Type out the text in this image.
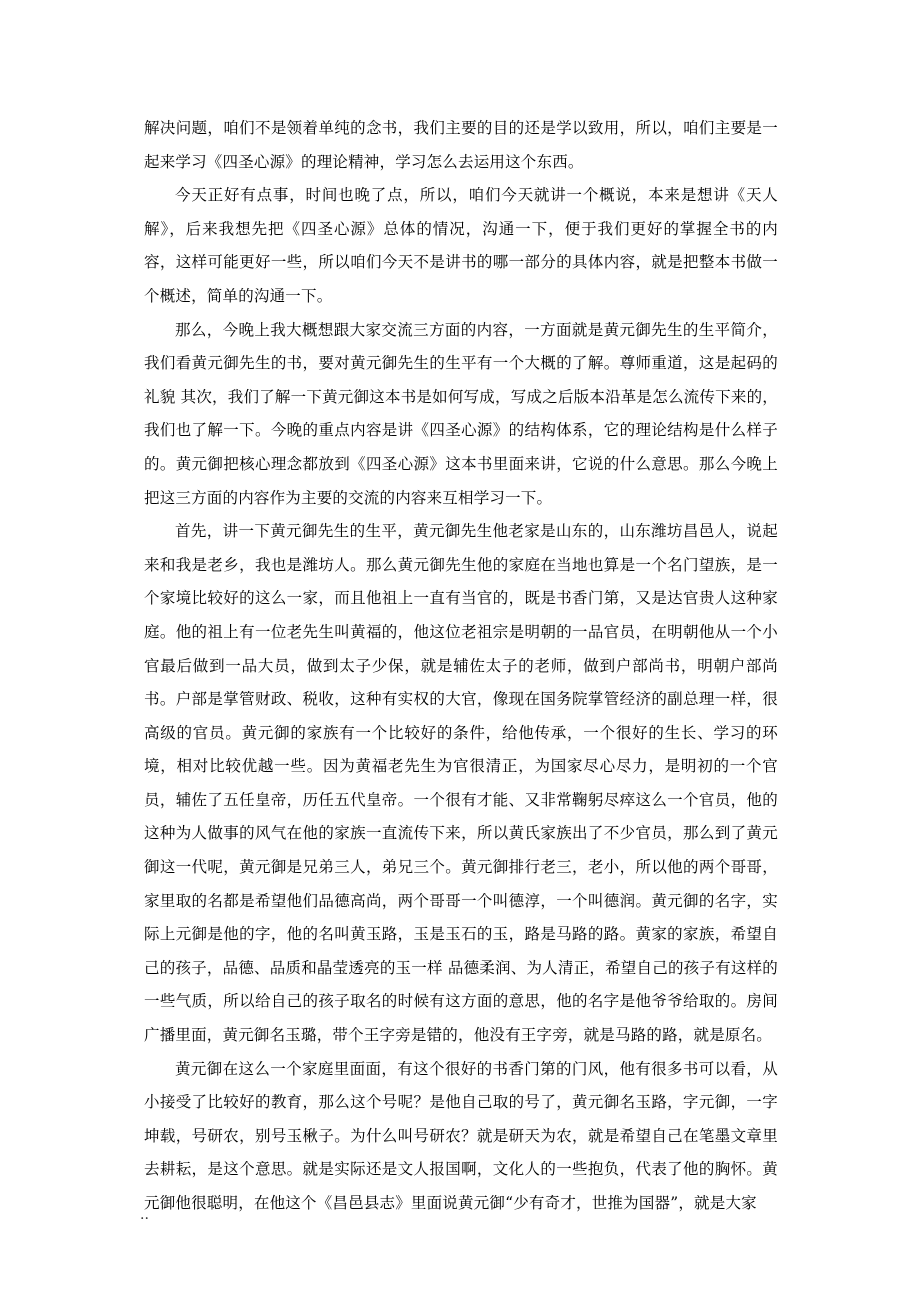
解决问题，咱们不是领着单纯的念书，我们主要的目的还是学以致用，所以，咱们主要是一起来学习《四圣心源》的理论精神，学习怎么去运用这个东西。

今天正好有点事，时间也晚了点，所以，咱们今天就讲一个概说，本来是想讲《天人解》，后来我想先把《四圣心源》总体的情况，沟通一下，便于我们更好的掌握全书的内容，这样可能更好一些，所以咱们今天不是讲书的哪一部分的具体内容，就是把整本书做一个概述，简单的沟通一下。

那么，今晚上我大概想跟大家交流三方面的内容，一方面就是黄元御先生的生平简介，我们看黄元御先生的书，要对黄元御先生的生平有一个大概的了解。尊师重道，这是起码的礼貌 其次，我们了解一下黄元御这本书是如何写成，写成之后版本沿革是怎么流传下来的，我们也了解一下。今晚的重点内容是讲《四圣心源》的结构体系，它的理论结构是什么样子的。黄元御把核心理念都放到《四圣心源》这本书里面来讲，它说的什么意思。那么今晚上把这三方面的内容作为主要的交流的内容来互相学习一下。

首先，讲一下黄元御先生的生平，黄元御先生他老家是山东的，山东潍坊昌邑人，说起来和我是老乡，我也是潍坊人。那么黄元御先生他的家庭在当地也算是一个名门望族，是一个家境比较好的这么一家，而且他祖上一直有当官的，既是书香门第，又是达官贵人这种家庭。他的祖上有一位老先生叫黄福的，他这位老祖宗是明朝的一品官员，在明朝他从一个小官最后做到一品大员，做到太子少保，就是辅佐太子的老师，做到户部尚书，明朝户部尚书。户部是掌管财政、税收，这种有实权的大官，像现在国务院掌管经济的副总理一样，很高级的官员。黄元御的家族有一个比较好的条件，给他传承，一个很好的生长、学习的环境，相对比较优越一些。因为黄福老先生为官很清正，为国家尽心尽力，是明初的一个官员，辅佐了五任皇帝，历任五代皇帝。一个很有才能、又非常鞠躬尽瘁这么一个官员，他的这种为人做事的风气在他的家族一直流传下来，所以黄氏家族出了不少官员，那么到了黄元御这一代呢，黄元御是兄弟三人，弟兄三个。黄元御排行老三，老小，所以他的两个哥哥，家里取的名都是希望他们品德高尚，两个哥哥一个叫德淳，一个叫德润。黄元御的名字，实际上元御是他的字，他的名叫黄玉路，玉是玉石的玉，路是马路的路。黄家的家族，希望自己的孩子，品德、品质和晶莹透亮的玉一样 品德柔润、为人清正，希望自己的孩子有这样的一些气质，所以给自己的孩子取名的时候有这方面的意思，他的名字是他爷爷给取的。房间广播里面，黄元御名玉璐，带个王字旁是错的，他没有王字旁，就是马路的路，就是原名。

黄元御在这么一个家庭里面面，有这个很好的书香门第的门风，他有很多书可以看，从小接受了比较好的教育，那么这个号呢？是他自己取的号了，黄元御名玉路，字元御，一字坤载，号研农，别号玉楸子。为什么叫号研农？就是研天为农，就是希望自己在笔墨文章里去耕耘，是这个意思。就是实际还是文人报国啊，文化人的一些抱负，代表了他的胸怀。黄元御他很聪明，在他这个《昌邑县志》里面说黄元御“少有奇才，世推为国器”，就是大家

..
